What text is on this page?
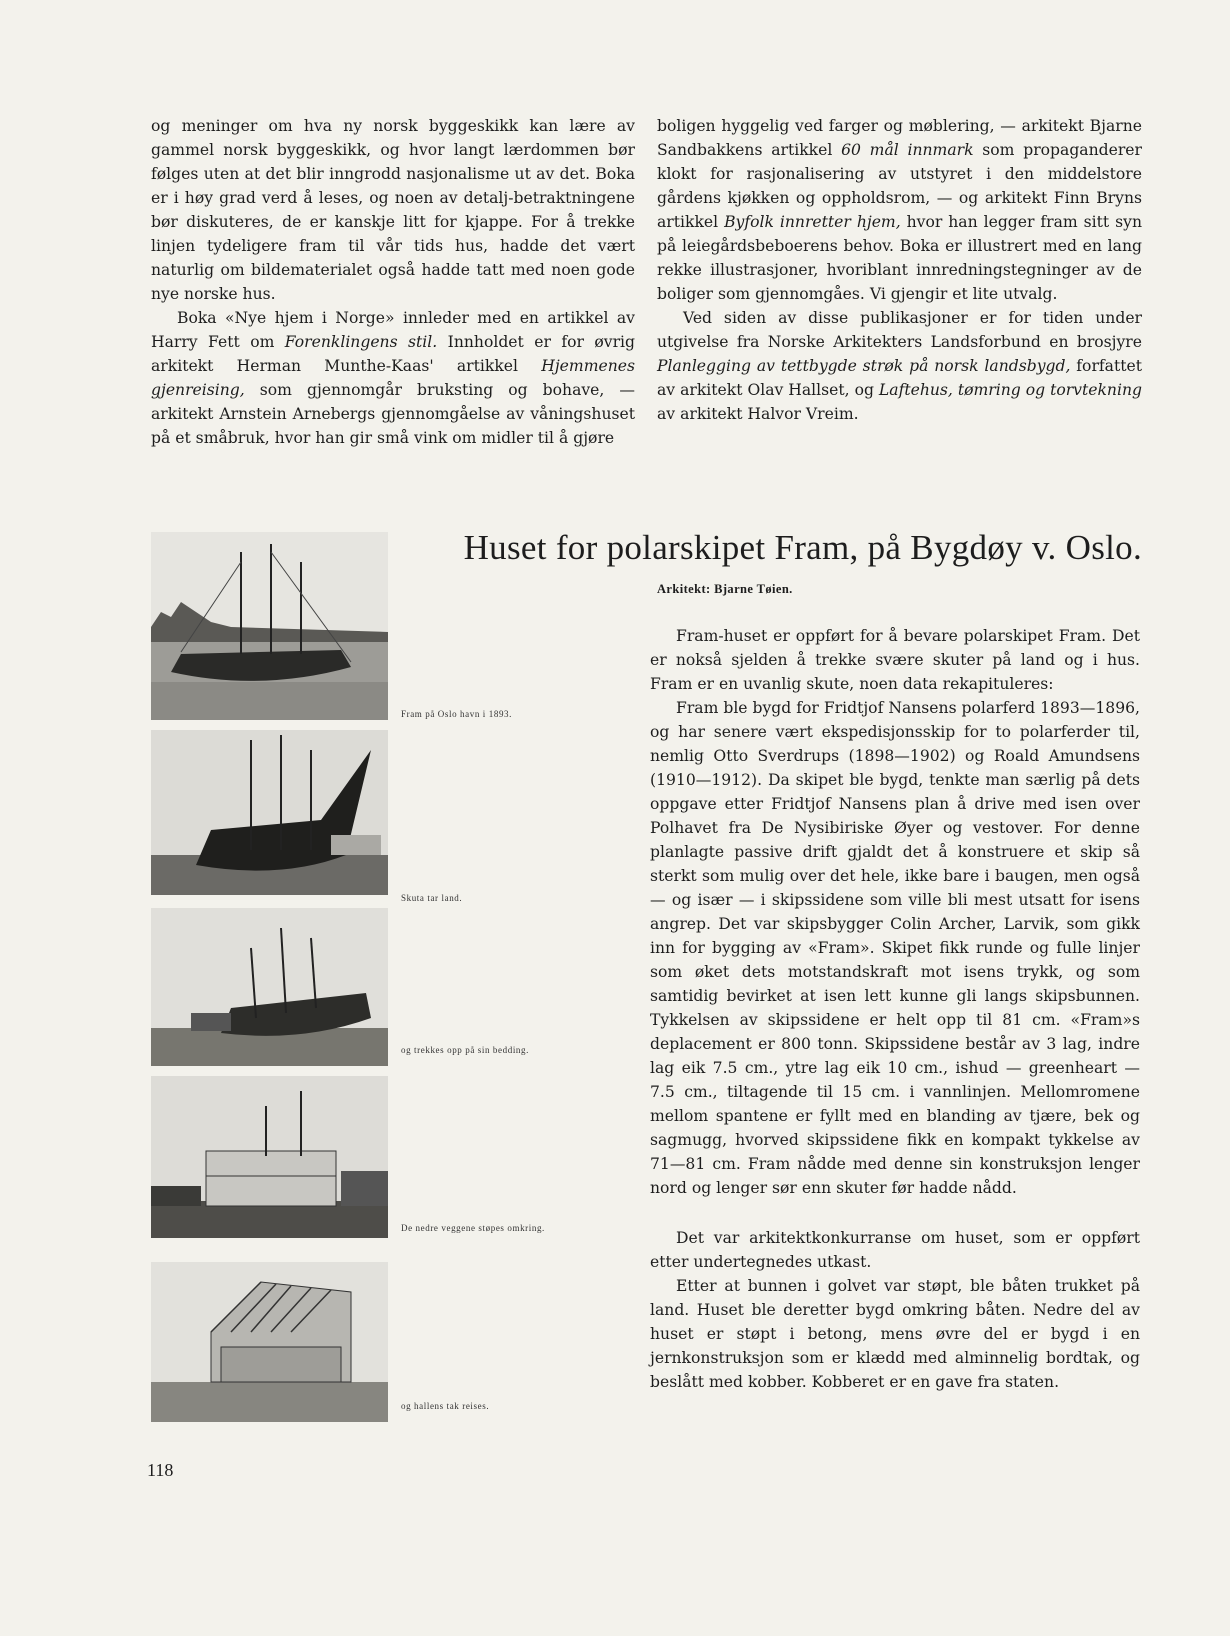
og meninger om hva ny norsk byggeskikk kan lære av gammel norsk byggeskikk, og hvor langt lærdommen bør følges uten at det blir inngrodd nasjonalisme ut av det. Boka er i høy grad verd å leses, og noen av detalj-betraktningene bør diskuteres, de er kanskje litt for kjappe. For å trekke linjen tydeligere fram til vår tids hus, hadde det vært naturlig om bildematerialet også hadde tatt med noen gode nye norske hus.

Boka «Nye hjem i Norge» innleder med en artikkel av Harry Fett om Forenklingens stil. Innholdet er for øvrig arkitekt Herman Munthe-Kaas' artikkel Hjemmenes gjenreising, som gjennomgår bruksting og bohave, — arkitekt Arnstein Arnebergs gjennomgåelse av våningshuset på et småbruk, hvor han gir små vink om midler til å gjøre

boligen hyggelig ved farger og møblering, — arkitekt Bjarne Sandbakkens artikkel 60 mål innmark som propaganderer klokt for rasjonalisering av utstyret i den middelstore gårdens kjøkken og oppholdsrom, — og arkitekt Finn Bryns artikkel Byfolk innretter hjem, hvor han legger fram sitt syn på leiegårdsbeboerens behov. Boka er illustrert med en lang rekke illustrasjoner, hvoriblant innredningstegninger av de boliger som gjennomgåes. Vi gjengir et lite utvalg.

Ved siden av disse publikasjoner er for tiden under utgivelse fra Norske Arkitekters Landsforbund en brosjyre Planlegging av tettbygde strøk på norsk landsbygd, forfattet av arkitekt Olav Hallset, og Laftehus, tømring og torvtekning av arkitekt Halvor Vreim.

Huset for polarskipet Fram, på Bygdøy v. Oslo.
Arkitekt: Bjarne Tøien.
Fram på Oslo havn i 1893.
Skuta tar land.
og trekkes opp på sin bedding.
De nedre veggene støpes omkring.
og hallens tak reises.

Fram-huset er oppført for å bevare polarskipet Fram. Det er nokså sjelden å trekke svære skuter på land og i hus. Fram er en uvanlig skute, noen data rekapituleres:

Fram ble bygd for Fridtjof Nansens polarferd 1893—1896, og har senere vært ekspedisjonsskip for to polarferder til, nemlig Otto Sverdrups (1898—1902) og Roald Amundsens (1910—1912). Da skipet ble bygd, tenkte man særlig på dets oppgave etter Fridtjof Nansens plan å drive med isen over Polhavet fra De Nysibiriske Øyer og vestover. For denne planlagte passive drift gjaldt det å konstruere et skip så sterkt som mulig over det hele, ikke bare i baugen, men også — og især — i skipssidene som ville bli mest utsatt for isens angrep. Det var skipsbygger Colin Archer, Larvik, som gikk inn for bygging av «Fram». Skipet fikk runde og fulle linjer som øket dets motstandskraft mot isens trykk, og som samtidig bevirket at isen lett kunne gli langs skipsbunnen. Tykkelsen av skipssidene er helt opp til 81 cm. «Fram»s deplacement er 800 tonn. Skipssidene består av 3 lag, indre lag eik 7.5 cm., ytre lag eik 10 cm., ishud — greenheart — 7.5 cm., tiltagende til 15 cm. i vannlinjen. Mellomromene mellom spantene er fyllt med en blanding av tjære, bek og sagmugg, hvorved skipssidene fikk en kompakt tykkelse av 71—81 cm. Fram nådde med denne sin konstruksjon lenger nord og lenger sør enn skuter før hadde nådd.

Det var arkitektkonkurranse om huset, som er oppført etter undertegnedes utkast.

Etter at bunnen i golvet var støpt, ble båten trukket på land. Huset ble deretter bygd omkring båten. Nedre del av huset er støpt i betong, mens øvre del er bygd i en jernkonstruksjon som er klædd med alminnelig bordtak, og beslått med kobber. Kobberet er en gave fra staten.

118
